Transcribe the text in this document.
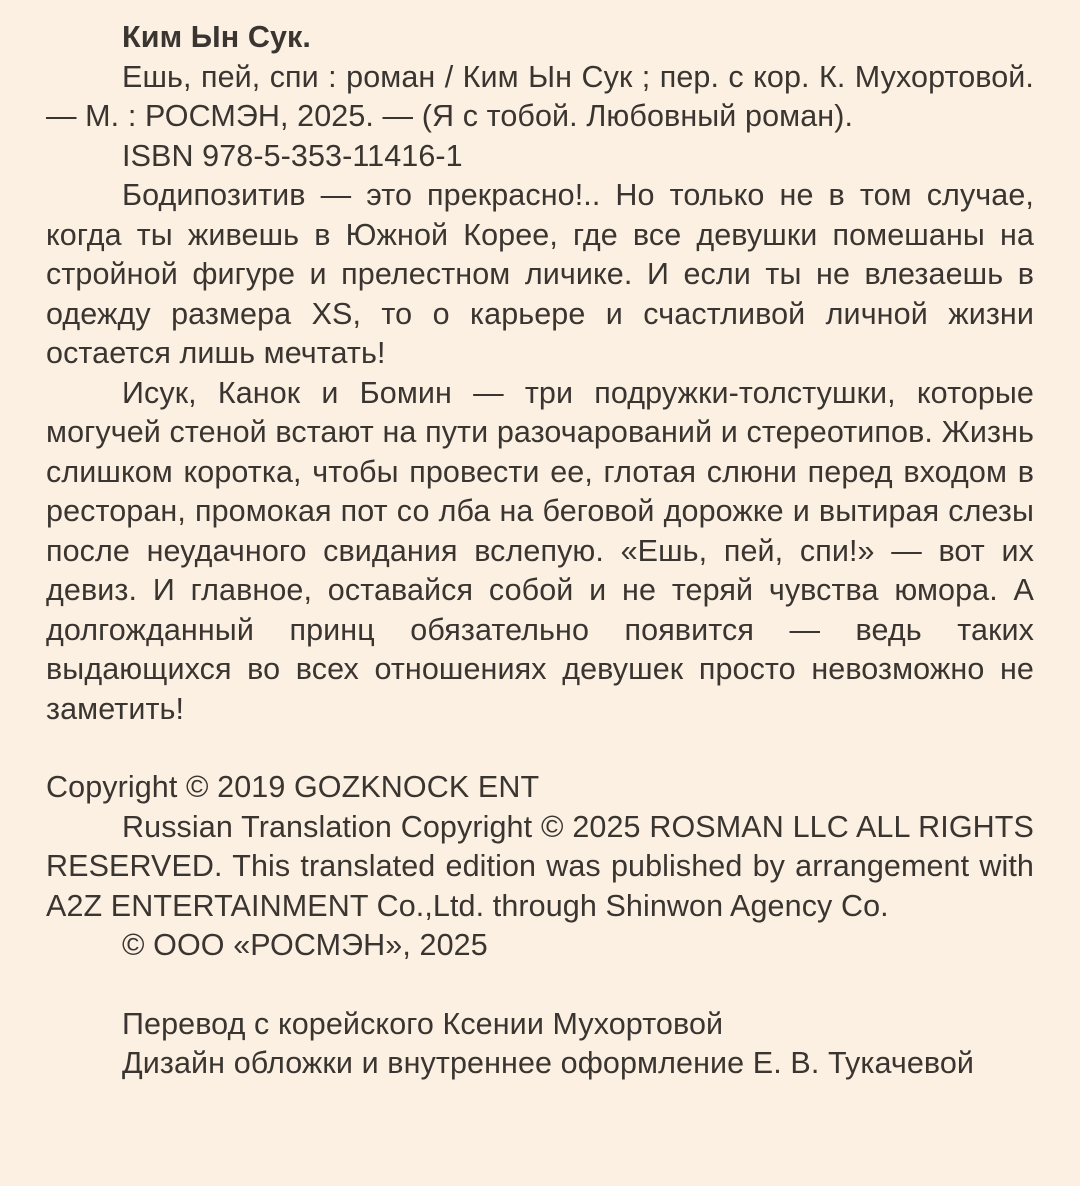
Ким Ын Сук.

Ешь, пей, спи : роман / Ким Ын Сук ; пер. с кор. К. Мухортовой. — М. : РОСМЭН, 2025. — (Я с тобой. Любовный роман).

ISBN 978-5-353-11416-1

Бодипозитив — это прекрасно!.. Но только не в том случае, когда ты живешь в Южной Корее, где все девушки помешаны на стройной фигуре и прелестном личике. И если ты не влезаешь в одежду размера XS, то о карьере и счастливой личной жизни остается лишь мечтать!

Исук, Канок и Бомин — три подружки-толстушки, которые могучей стеной встают на пути разочарований и стереотипов. Жизнь слишком коротка, чтобы провести ее, глотая слюни перед входом в ресторан, промокая пот со лба на беговой дорожке и вытирая слезы после неудачного свидания вслепую. «Ешь, пей, спи!» — вот их девиз. И главное, оставайся собой и не теряй чувства юмора. А долгожданный принц обязательно появится — ведь таких выдающихся во всех отношениях девушек просто невозможно не заметить!

Copyright © 2019 GOZKNOCK ENT

Russian Translation Copyright © 2025 ROSMAN LLC ALL RIGHTS RESERVED. This translated edition was published by arrangement with A2Z ENTERTAINMENT Co.,Ltd. through Shinwon Agency Co.

© ООО «РОСМЭН», 2025

Перевод с корейского Ксении Мухортовой

Дизайн обложки и внутреннее оформление Е. В. Тукачевой
